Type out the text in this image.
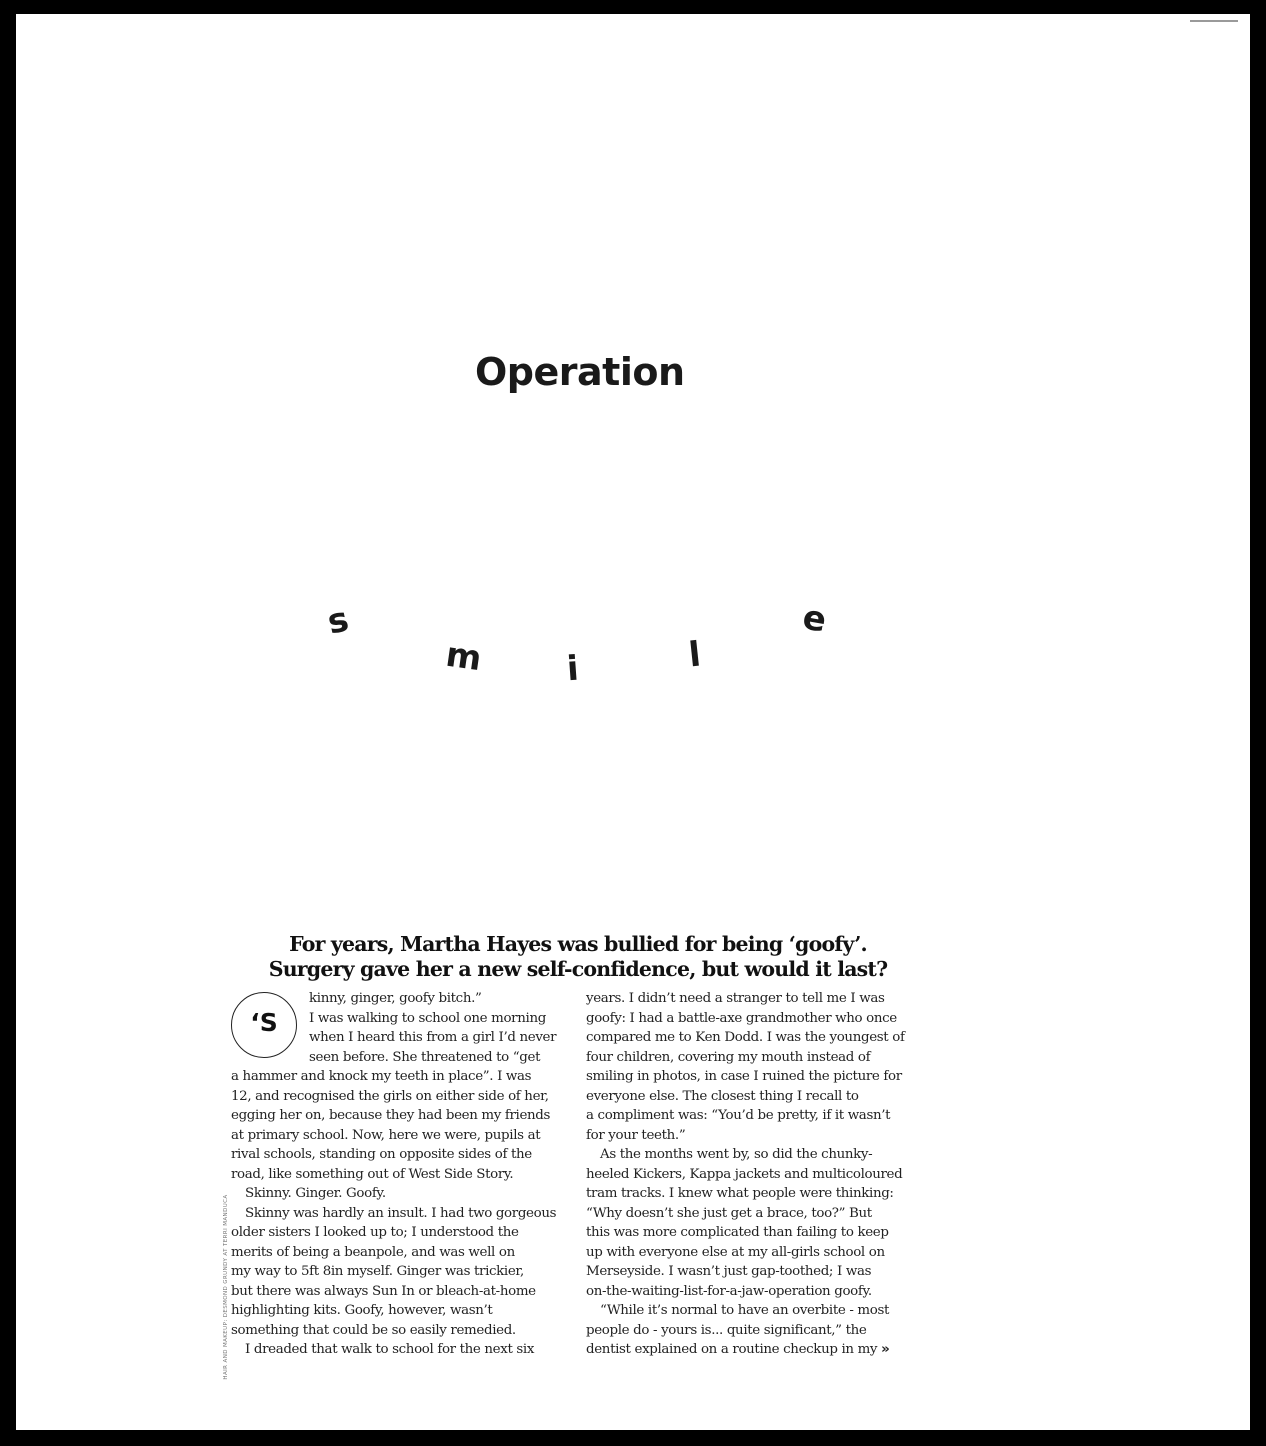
Operation
s
m i	l
e
For years, Martha Hayes was bullied for being ‘goofy’.
Surgery gave her a new self-confidence, but would it last?
HAIR AND MAKEUP: DESMOND GRUNDY AT TERRI MANDUCA
‘S
kinny, ginger, goofy bitch.”
I was walking to school one morning
when I heard this from a girl I’d never
seen before. She threatened to “get
a hammer and knock my teeth in place”. I was
12, and recognised the girls on either side of her,
egging her on, because they had been my friends
at primary school. Now, here we were, pupils at
rival schools, standing on opposite sides of the
road, like something out of West Side Story.
Skinny. Ginger. Goofy.
Skinny was hardly an insult. I had two gorgeous
older sisters I looked up to; I understood the
merits of being a beanpole, and was well on
my way to 5ft 8in myself. Ginger was trickier,
but there was always Sun In or bleach-at-home
highlighting kits. Goofy, however, wasn’t
something that could be so easily remedied.
I dreaded that walk to school for the next six
years. I didn’t need a stranger to tell me I was
goofy: I had a battle-axe grandmother who once
compared me to Ken Dodd. I was the youngest of
four children, covering my mouth instead of
smiling in photos, in case I ruined the picture for
everyone else. The closest thing I recall to
a compliment was: “You’d be pretty, if it wasn’t
for your teeth.”
As the months went by, so did the chunky-
heeled Kickers, Kappa jackets and multicoloured
tram tracks. I knew what people were thinking:
“Why doesn’t she just get a brace, too?” But
this was more complicated than failing to keep
up with everyone else at my all-girls school on
Merseyside. I wasn’t just gap-toothed; I was
on-the-waiting-list-for-a-jaw-operation goofy.
“While it’s normal to have an overbite - most
people do - yours is... quite significant,” the
dentist explained on a routine checkup in my »
